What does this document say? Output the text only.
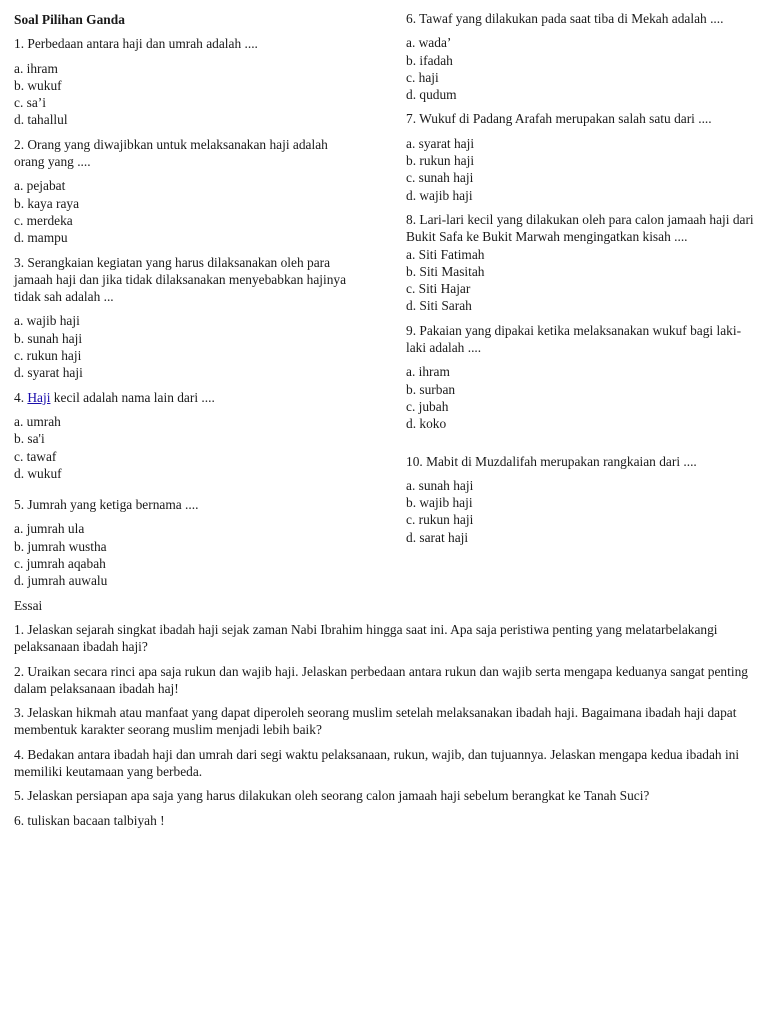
Soal Pilihan Ganda
1. Perbedaan antara haji dan umrah adalah ....
a. ihram
b. wukuf
c. sa’i
d. tahallul
2. Orang yang diwajibkan untuk melaksanakan haji adalah orang yang ....
a. pejabat
b. kaya raya
c. merdeka
d. mampu
3. Serangkaian kegiatan yang harus dilaksanakan oleh para jamaah haji dan jika tidak dilaksanakan menyebabkan hajinya tidak sah adalah ...
a. wajib haji
b. sunah haji
c. rukun haji
d. syarat haji
4. Haji kecil adalah nama lain dari ....
a. umrah
b. sa'i
c. tawaf
d. wukuf
5. Jumrah yang ketiga bernama ....
a. jumrah ula
b. jumrah wustha
c. jumrah aqabah
d. jumrah auwalu
6. Tawaf yang dilakukan pada saat tiba di Mekah adalah ....
a. wada’
b. ifadah
c. haji
d. qudum
7. Wukuf di Padang Arafah merupakan salah satu dari ....
a. syarat haji
b. rukun haji
c. sunah haji
d. wajib haji
8. Lari-lari kecil yang dilakukan oleh para calon jamaah haji dari Bukit Safa ke Bukit Marwah mengingatkan kisah ....
a. Siti Fatimah
b. Siti Masitah
c. Siti Hajar
d. Siti Sarah
9. Pakaian yang dipakai ketika melaksanakan wukuf bagi laki-laki adalah ....
a. ihram
b. surban
c. jubah
d. koko
10. Mabit di Muzdalifah merupakan rangkaian dari ....
a. sunah haji
b. wajib haji
c. rukun haji
d. sarat haji
Essai
1. Jelaskan sejarah singkat ibadah haji sejak zaman Nabi Ibrahim hingga saat ini. Apa saja peristiwa penting yang melatarbelakangi pelaksanaan ibadah haji?
2. Uraikan secara rinci apa saja rukun dan wajib haji. Jelaskan perbedaan antara rukun dan wajib serta mengapa keduanya sangat penting dalam pelaksanaan ibadah haj!
3. Jelaskan hikmah atau manfaat yang dapat diperoleh seorang muslim setelah melaksanakan ibadah haji. Bagaimana ibadah haji dapat membentuk karakter seorang muslim menjadi lebih baik?
4. Bedakan antara ibadah haji dan umrah dari segi waktu pelaksanaan, rukun, wajib, dan tujuannya. Jelaskan mengapa kedua ibadah ini memiliki keutamaan yang berbeda.
5. Jelaskan persiapan apa saja yang harus dilakukan oleh seorang calon jamaah haji sebelum berangkat ke Tanah Suci?
6. tuliskan bacaan talbiyah !
